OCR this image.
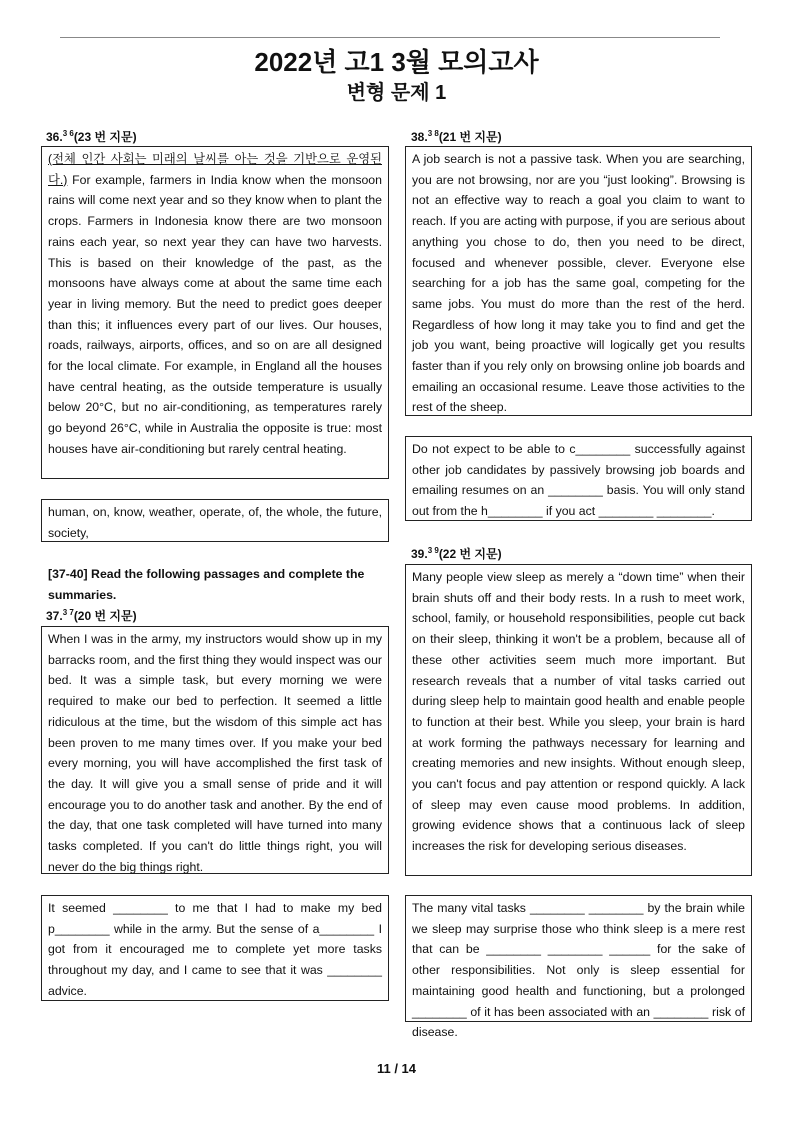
2022년 고1 3월 모의고사
변형 문제 1
36.$^{3 6}$(23 번 지문)
(전체 인간 사회는 미래의 날씨를 아는 것을 기반으로 운영된다.) For example, farmers in India know when the monsoon rains will come next year and so they know when to plant the crops. Farmers in Indonesia know there are two monsoon rains each year, so next year they can have two harvests. This is based on their knowledge of the past, as the monsoons have always come at about the same time each year in living memory. But the need to predict goes deeper than this; it influences every part of our lives. Our houses, roads, railways, airports, offices, and so on are all designed for the local climate. For example, in England all the houses have central heating, as the outside temperature is usually below 20°C, but no air-conditioning, as temperatures rarely go beyond 26°C, while in Australia the opposite is true: most houses have air-conditioning but rarely central heating.
human, on, know, weather, operate, of, the whole, the future, society,
[37-40] Read the following passages and complete the summaries.
37.$^{3 7}$(20 번 지문)
When I was in the army, my instructors would show up in my barracks room, and the first thing they would inspect was our bed. It was a simple task, but every morning we were required to make our bed to perfection. It seemed a little ridiculous at the time, but the wisdom of this simple act has been proven to me many times over. If you make your bed every morning, you will have accomplished the first task of the day. It will give you a small sense of pride and it will encourage you to do another task and another. By the end of the day, that one task completed will have turned into many tasks completed. If you can't do little things right, you will never do the big things right.
It seemed ________ to me that I had to make my bed p________ while in the army. But the sense of a________ I got from it encouraged me to complete yet more tasks throughout my day, and I came to see that it was ________ advice.
38.$^{3 8}$(21 번 지문)
A job search is not a passive task. When you are searching, you are not browsing, nor are you “just looking”. Browsing is not an effective way to reach a goal you claim to want to reach. If you are acting with purpose, if you are serious about anything you chose to do, then you need to be direct, focused and whenever possible, clever. Everyone else searching for a job has the same goal, competing for the same jobs. You must do more than the rest of the herd. Regardless of how long it may take you to find and get the job you want, being proactive will logically get you results faster than if you rely only on browsing online job boards and emailing an occasional resume. Leave those activities to the rest of the sheep.
Do not expect to be able to c________ successfully against other job candidates by passively browsing job boards and emailing resumes on an ________ basis. You will only stand out from the h________ if you act ________ ________.
39.$^{3 9}$(22 번 지문)
Many people view sleep as merely a “down time” when their brain shuts off and their body rests. In a rush to meet work, school, family, or household responsibilities, people cut back on their sleep, thinking it won't be a problem, because all of these other activities seem much more important. But research reveals that a number of vital tasks carried out during sleep help to maintain good health and enable people to function at their best. While you sleep, your brain is hard at work forming the pathways necessary for learning and creating memories and new insights. Without enough sleep, you can't focus and pay attention or respond quickly. A lack of sleep may even cause mood problems. In addition, growing evidence shows that a continuous lack of sleep increases the risk for developing serious diseases.
The many vital tasks ________ ________ by the brain while we sleep may surprise those who think sleep is a mere rest that can be ________ ________ ______ for the sake of other responsibilities. Not only is sleep essential for maintaining good health and functioning, but a prolonged ________ of it has been associated with an ________ risk of disease.
11 / 14
